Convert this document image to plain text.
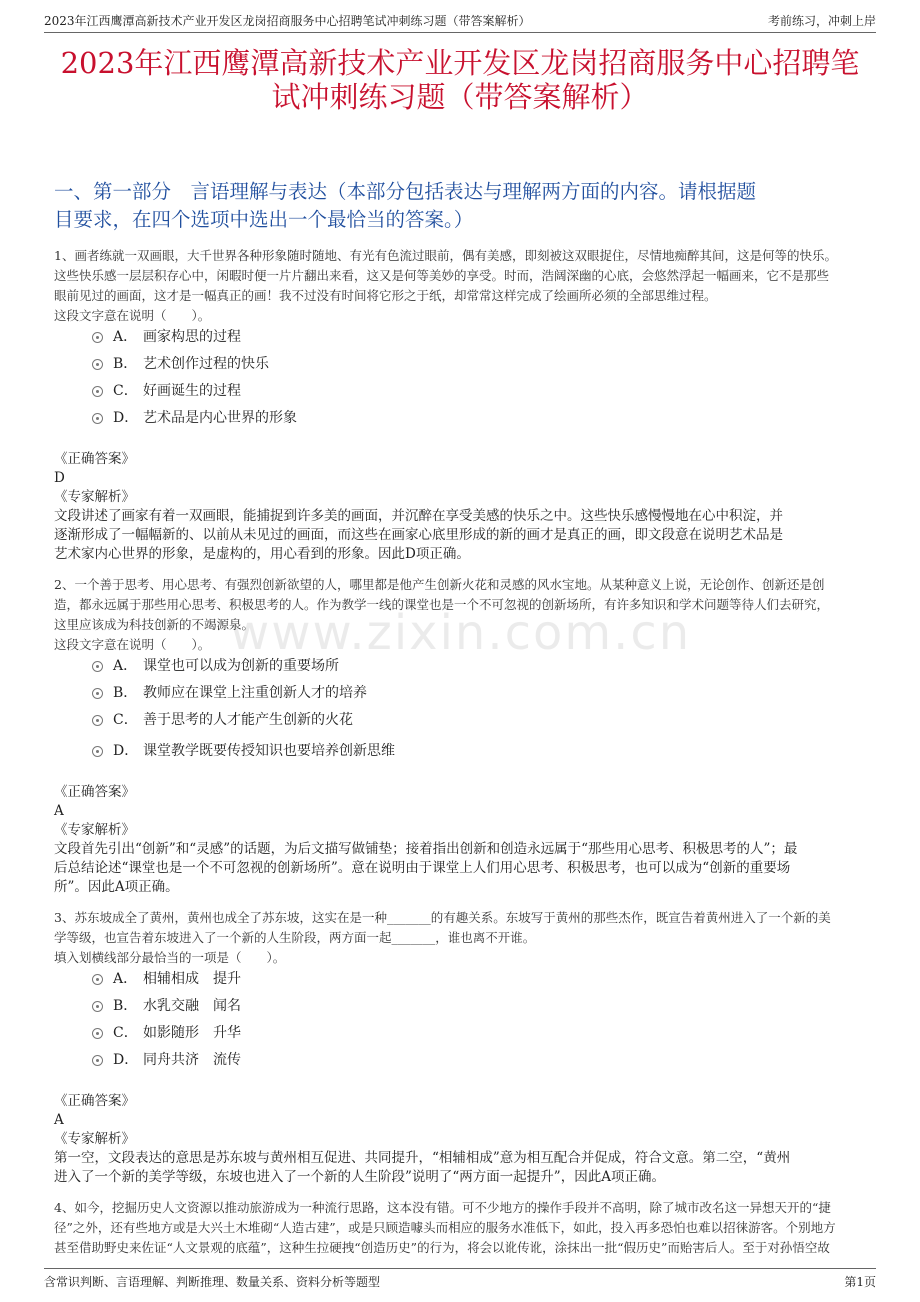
2023年江西鹰潭高新技术产业开发区龙岗招商服务中心招聘笔试冲刺练习题（带答案解析）	考前练习，冲刺上岸
2023年江西鹰潭高新技术产业开发区龙岗招商服务中心招聘笔
试冲刺练习题（带答案解析）
一、第一部分　言语理解与表达（本部分包括表达与理解两方面的内容。请根据题
目要求，在四个选项中选出一个最恰当的答案。）
www.zixin.com.cn
1、画者练就一双画眼，大千世界各种形象随时随地、有光有色流过眼前，偶有美感，即刻被这双眼捉住，尽情地痴醉其间，这是何等的快乐。
这些快乐感一层层积存心中，闲暇时便一片片翻出来看，这又是何等美妙的享受。时而，浩阔深幽的心底，会悠然浮起一幅画来，它不是那些
眼前见过的画面，这才是一幅真正的画！我不过没有时间将它形之于纸，却常常这样完成了绘画所必须的全部思维过程。
这段文字意在说明（　　）。
A． 画家构思的过程
B． 艺术创作过程的快乐
C． 好画诞生的过程
D． 艺术品是内心世界的形象
《正确答案》
D
《专家解析》
文段讲述了画家有着一双画眼，能捕捉到许多美的画面，并沉醉在享受美感的快乐之中。这些快乐感慢慢地在心中积淀，并
逐渐形成了一幅幅新的、以前从未见过的画面，而这些在画家心底里形成的新的画才是真正的画，即文段意在说明艺术品是
艺术家内心世界的形象，是虚构的，用心看到的形象。因此D项正确。
2、一个善于思考、用心思考、有强烈创新欲望的人，哪里都是他产生创新火花和灵感的风水宝地。从某种意义上说，无论创作、创新还是创
造，都永远属于那些用心思考、积极思考的人。作为教学一线的课堂也是一个不可忽视的创新场所，有许多知识和学术问题等待人们去研究，
这里应该成为科技创新的不竭源泉。
这段文字意在说明（　　）。
A． 课堂也可以成为创新的重要场所
B． 教师应在课堂上注重创新人才的培养
C． 善于思考的人才能产生创新的火花
D． 课堂教学既要传授知识也要培养创新思维
《正确答案》
A
《专家解析》
文段首先引出“创新”和“灵感”的话题，为后文描写做铺垫；接着指出创新和创造永远属于“那些用心思考、积极思考的人”；最
后总结论述“课堂也是一个不可忽视的创新场所”。意在说明由于课堂上人们用心思考、积极思考，也可以成为“创新的重要场
所”。因此A项正确。
3、苏东坡成全了黄州，黄州也成全了苏东坡，这实在是一种_______的有趣关系。东坡写于黄州的那些杰作，既宣告着黄州进入了一个新的美
学等级，也宣告着东坡进入了一个新的人生阶段，两方面一起_______，谁也离不开谁。
填入划横线部分最恰当的一项是（　　）。
A． 相辅相成　提升
B． 水乳交融　闻名
C． 如影随形　升华
D． 同舟共济　流传
《正确答案》
A
《专家解析》
第一空，文段表达的意思是苏东坡与黄州相互促进、共同提升，“相辅相成”意为相互配合并促成，符合文意。第二空，“黄州
进入了一个新的美学等级，东坡也进入了一个新的人生阶段”说明了“两方面一起提升”，因此A项正确。
4、如今，挖掘历史人文资源以推动旅游成为一种流行思路，这本没有错。可不少地方的操作手段并不高明，除了城市改名这一异想天开的“捷
径”之外，还有些地方或是大兴土木堆砌“人造古建”，或是只顾造噱头而相应的服务水准低下，如此，投入再多恐怕也难以招徕游客。个别地方
甚至借助野史来佐证“人文景观的底蕴”，这种生拉硬拽“创造历史”的行为，将会以讹传讹，涂抹出一批“假历史”而贻害后人。至于对孙悟空故
含常识判断、言语理解、判断推理、数量关系、资料分析等题型	第1页
